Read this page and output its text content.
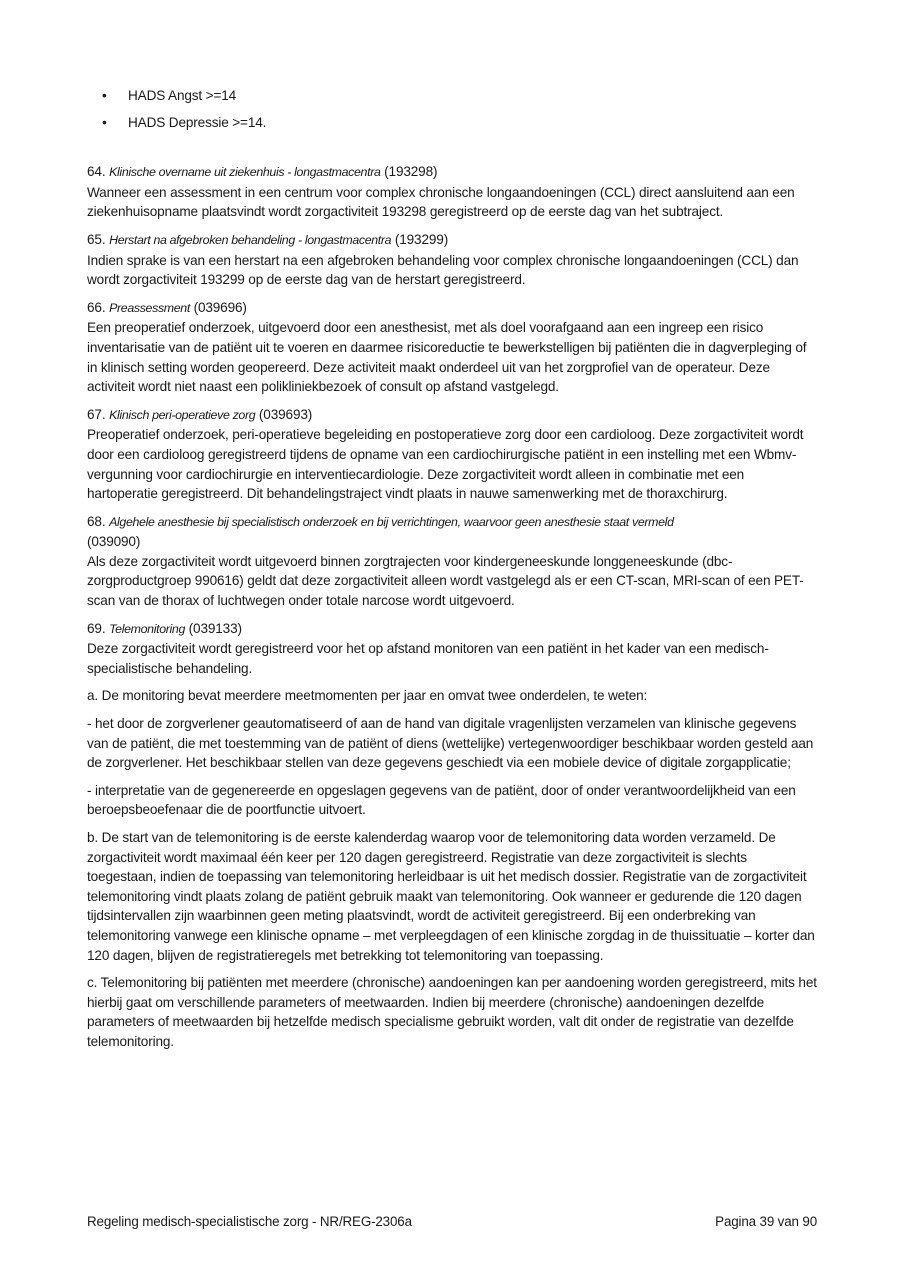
• HADS Angst >=14
• HADS Depressie >=14.
64. Klinische overname uit ziekenhuis - longastmacentra (193298)

Wanneer een assessment in een centrum voor complex chronische longaandoeningen (CCL) direct aansluitend aan een ziekenhuisopname plaatsvindt wordt zorgactiviteit 193298 geregistreerd op de eerste dag van het subtraject.

65. Herstart na afgebroken behandeling - longastmacentra (193299)

Indien sprake is van een herstart na een afgebroken behandeling voor complex chronische longaandoeningen (CCL) dan wordt zorgactiviteit 193299 op de eerste dag van de herstart geregistreerd.

66. Preassessment (039696)

Een preoperatief onderzoek, uitgevoerd door een anesthesist, met als doel voorafgaand aan een ingreep een risico inventarisatie van de patiënt uit te voeren en daarmee risicoreductie te bewerkstelligen bij patiënten die in dagverpleging of in klinisch setting worden geopereerd. Deze activiteit maakt onderdeel uit van het zorgprofiel van de operateur. Deze activiteit wordt niet naast een polikliniekbezoek of consult op afstand vastgelegd.

67. Klinisch peri-operatieve zorg (039693)

Preoperatief onderzoek, peri-operatieve begeleiding en postoperatieve zorg door een cardioloog. Deze zorgactiviteit wordt door een cardioloog geregistreerd tijdens de opname van een cardiochirurgische patiënt in een instelling met een Wbmv-vergunning voor cardiochirurgie en interventiecardiologie. Deze zorgactiviteit wordt alleen in combinatie met een hartoperatie geregistreerd. Dit behandelingstraject vindt plaats in nauwe samenwerking met de thoraxchirurg.

68. Algehele anesthesie bij specialistisch onderzoek en bij verrichtingen, waarvoor geen anesthesie staat vermeld
(039090)

Als deze zorgactiviteit wordt uitgevoerd binnen zorgtrajecten voor kindergeneeskunde longgeneeskunde (dbc-zorgproductgroep 990616) geldt dat deze zorgactiviteit alleen wordt vastgelegd als er een CT-scan, MRI-scan of een PET-scan van de thorax of luchtwegen onder totale narcose wordt uitgevoerd.

69. Telemonitoring (039133)

Deze zorgactiviteit wordt geregistreerd voor het op afstand monitoren van een patiënt in het kader van een medisch-specialistische behandeling.

a. De monitoring bevat meerdere meetmomenten per jaar en omvat twee onderdelen, te weten:

- het door de zorgverlener geautomatiseerd of aan de hand van digitale vragenlijsten verzamelen van klinische gegevens van de patiënt, die met toestemming van de patiënt of diens (wettelijke) vertegenwoordiger beschikbaar worden gesteld aan de zorgverlener. Het beschikbaar stellen van deze gegevens geschiedt via een mobiele device of digitale zorgapplicatie;

- interpretatie van de gegenereerde en opgeslagen gegevens van de patiënt, door of onder verantwoordelijkheid van een beroepsbeoefenaar die de poortfunctie uitvoert.

b. De start van de telemonitoring is de eerste kalenderdag waarop voor de telemonitoring data worden verzameld. De zorgactiviteit wordt maximaal één keer per 120 dagen geregistreerd. Registratie van deze zorgactiviteit is slechts toegestaan, indien de toepassing van telemonitoring herleidbaar is uit het medisch dossier. Registratie van de zorgactiviteit telemonitoring vindt plaats zolang de patiënt gebruik maakt van telemonitoring. Ook wanneer er gedurende die 120 dagen tijdsintervallen zijn waarbinnen geen meting plaatsvindt, wordt de activiteit geregistreerd. Bij een onderbreking van telemonitoring vanwege een klinische opname – met verpleegdagen of een klinische zorgdag in de thuissituatie – korter dan 120 dagen, blijven de registratieregels met betrekking tot telemonitoring van toepassing.

c. Telemonitoring bij patiënten met meerdere (chronische) aandoeningen kan per aandoening worden geregistreerd, mits het hierbij gaat om verschillende parameters of meetwaarden. Indien bij meerdere (chronische) aandoeningen dezelfde parameters of meetwaarden bij hetzelfde medisch specialisme gebruikt worden, valt dit onder de registratie van dezelfde telemonitoring.

Regeling medisch-specialistische zorg - NR/REG-2306a	Pagina 39 van 90
